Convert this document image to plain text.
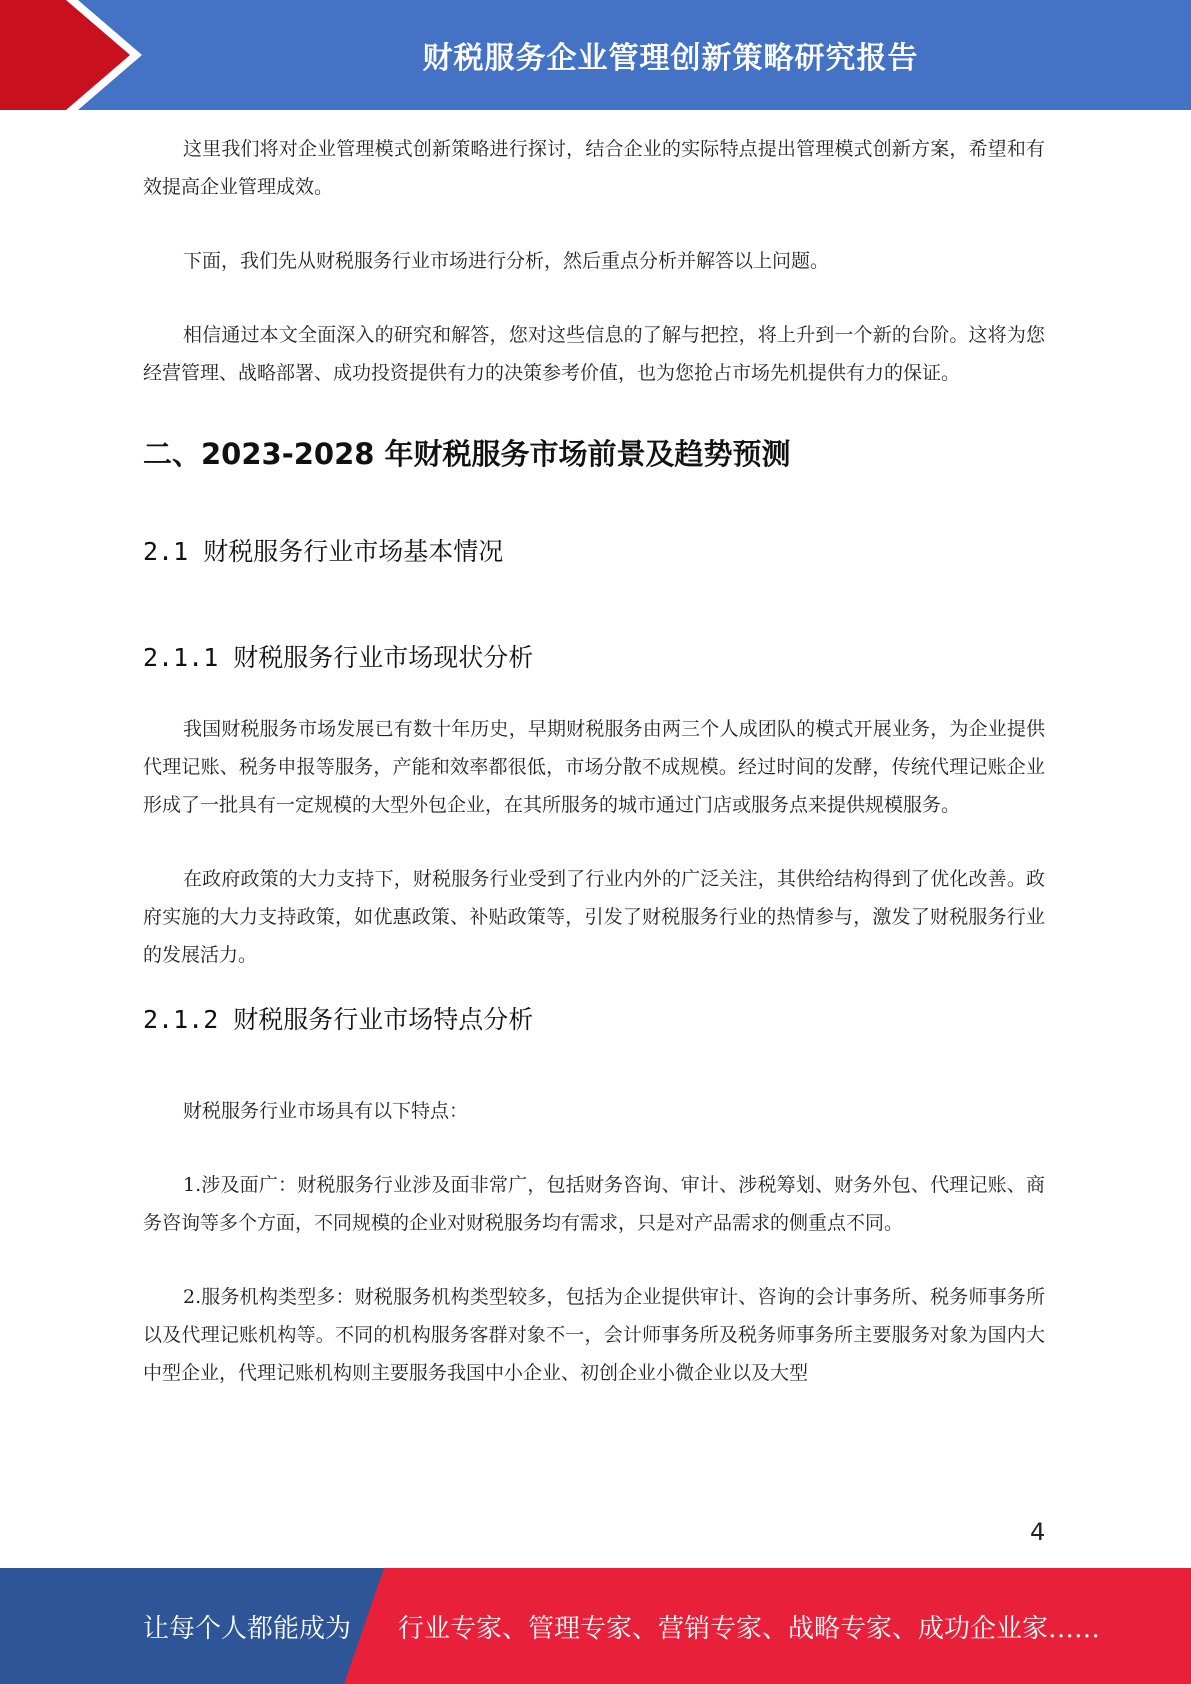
财税服务企业管理创新策略研究报告

这里我们将对企业管理模式创新策略进行探讨，结合企业的实际特点提出管理模式创新方案，希望和有效提高企业管理成效。

下面，我们先从财税服务行业市场进行分析，然后重点分析并解答以上问题。

相信通过本文全面深入的研究和解答，您对这些信息的了解与把控，将上升到一个新的台阶。这将为您经营管理、战略部署、成功投资提供有力的决策参考价值，也为您抢占市场先机提供有力的保证。

二、2023-2028 年财税服务市场前景及趋势预测
2.1 财税服务行业市场基本情况
2.1.1 财税服务行业市场现状分析

我国财税服务市场发展已有数十年历史，早期财税服务由两三个人成团队的模式开展业务，为企业提供代理记账、税务申报等服务，产能和效率都很低，市场分散不成规模。经过时间的发酵，传统代理记账企业形成了一批具有一定规模的大型外包企业，在其所服务的城市通过门店或服务点来提供规模服务。

在政府政策的大力支持下，财税服务行业受到了行业内外的广泛关注，其供给结构得到了优化改善。政府实施的大力支持政策，如优惠政策、补贴政策等，引发了财税服务行业的热情参与，激发了财税服务行业的发展活力。

2.1.2 财税服务行业市场特点分析

财税服务行业市场具有以下特点：

1.涉及面广：财税服务行业涉及面非常广，包括财务咨询、审计、涉税筹划、财务外包、代理记账、商务咨询等多个方面，不同规模的企业对财税服务均有需求，只是对产品需求的侧重点不同。

2.服务机构类型多：财税服务机构类型较多，包括为企业提供审计、咨询的会计事务所、税务师事务所以及代理记账机构等。不同的机构服务客群对象不一，会计师事务所及税务师事务所主要服务对象为国内大中型企业，代理记账机构则主要服务我国中小企业、初创企业小微企业以及大型

4
让每个人都能成为 行业专家、管理专家、营销专家、战略专家、成功企业家……
